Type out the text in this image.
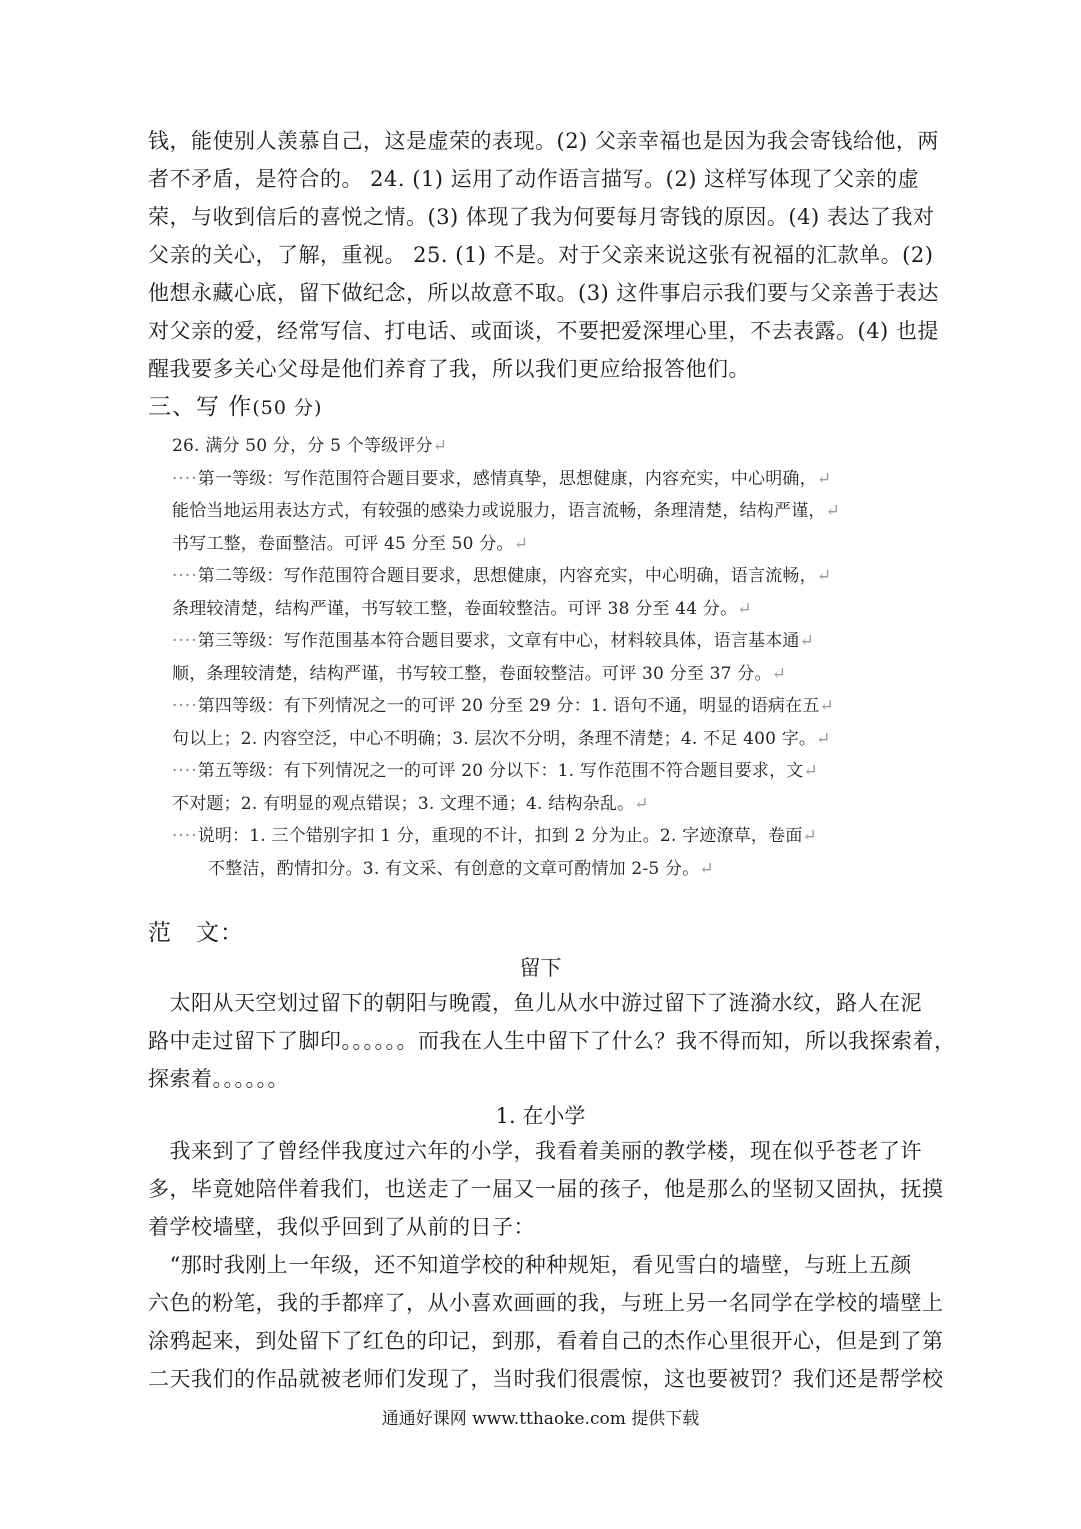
钱，能使别人羡慕自己，这是虚荣的表现。(2) 父亲幸福也是因为我会寄钱给他，两
者不矛盾，是符合的。 24. (1) 运用了动作语言描写。(2) 这样写体现了父亲的虚
荣，与收到信后的喜悦之情。(3) 体现了我为何要每月寄钱的原因。(4) 表达了我对
父亲的关心，了解，重视。 25. (1) 不是。对于父亲来说这张有祝福的汇款单。(2)
他想永藏心底，留下做纪念，所以故意不取。(3) 这件事启示我们要与父亲善于表达
对父亲的爱，经常写信、打电话、或面谈，不要把爱深埋心里，不去表露。(4) 也提
醒我要多关心父母是他们养育了我，所以我们更应给报答他们。
三、写 作(50 分)
26. 满分 50 分，分 5 个等级评分↵
····第一等级：写作范围符合题目要求，感情真挚，思想健康，内容充实，中心明确，↵
能恰当地运用表达方式，有较强的感染力或说服力，语言流畅，条理清楚，结构严谨，↵
书写工整，卷面整洁。可评 45 分至 50 分。↵
····第二等级：写作范围符合题目要求，思想健康，内容充实，中心明确，语言流畅，↵
条理较清楚，结构严谨，书写较工整，卷面较整洁。可评 38 分至 44 分。↵
····第三等级：写作范围基本符合题目要求，文章有中心，材料较具体，语言基本通↵
顺，条理较清楚，结构严谨，书写较工整，卷面较整洁。可评 30 分至 37 分。↵
····第四等级：有下列情况之一的可评 20 分至 29 分：1. 语句不通，明显的语病在五↵
句以上；2. 内容空泛，中心不明确；3. 层次不分明，条理不清楚；4. 不足 400 字。↵
····第五等级：有下列情况之一的可评 20 分以下：1. 写作范围不符合题目要求，文↵
不对题；2. 有明显的观点错误；3. 文理不通；4. 结构杂乱。↵
····说明：1. 三个错别字扣 1 分，重现的不计，扣到 2 分为止。2. 字迹潦草，卷面↵
不整洁，酌情扣分。3. 有文采、有创意的文章可酌情加 2-5 分。↵
范　文：
留下
　太阳从天空划过留下的朝阳与晚霞，鱼儿从水中游过留下了涟漪水纹，路人在泥
路中走过留下了脚印。。。。。。而我在人生中留下了什么？我不得而知，所以我探索着，
探索着。。。。。。
1. 在小学
　我来到了了曾经伴我度过六年的小学，我看着美丽的教学楼，现在似乎苍老了许
多，毕竟她陪伴着我们，也送走了一届又一届的孩子，他是那么的坚韧又固执，抚摸
着学校墙壁，我似乎回到了从前的日子：
　“那时我刚上一年级，还不知道学校的种种规矩，看见雪白的墙壁，与班上五颜
六色的粉笔，我的手都痒了，从小喜欢画画的我，与班上另一名同学在学校的墙壁上
涂鸦起来，到处留下了红色的印记，到那，看着自己的杰作心里很开心，但是到了第
二天我们的作品就被老师们发现了，当时我们很震惊，这也要被罚？我们还是帮学校
通通好课网 www.tthaoke.com 提供下载
